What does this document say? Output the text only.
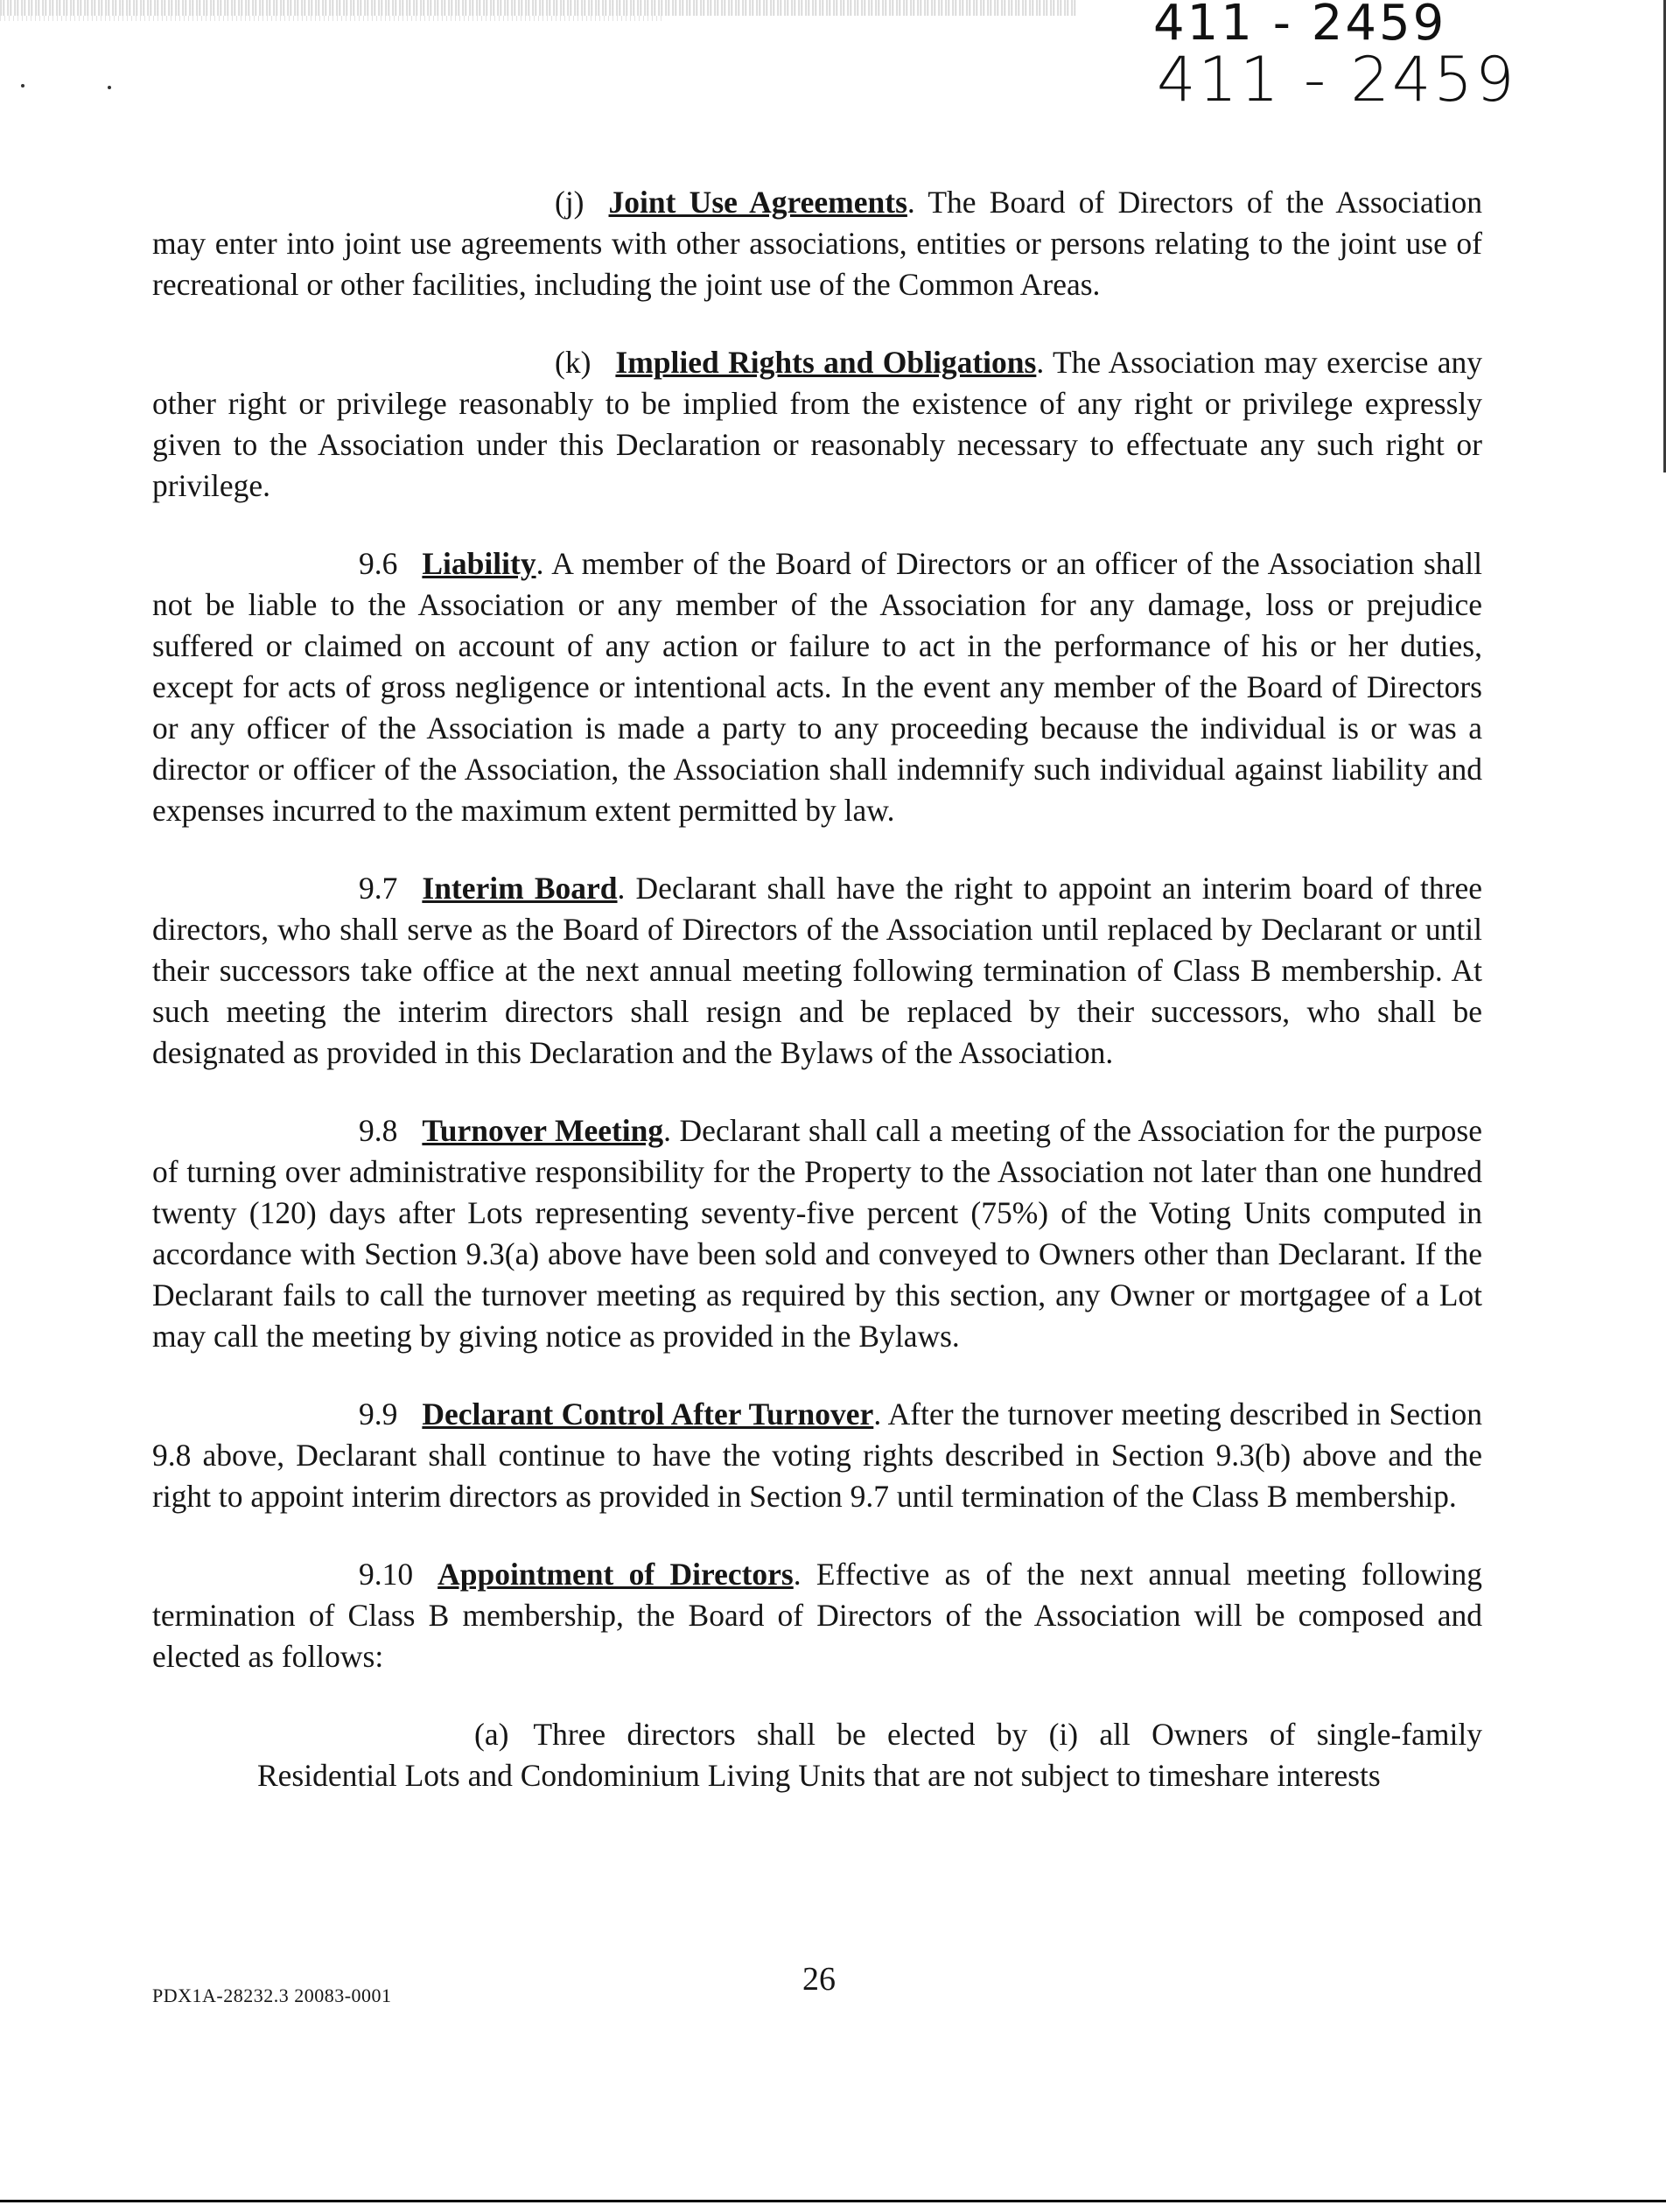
411 - 2459
411 - 2459

(j) Joint Use Agreements. The Board of Directors of the Association may enter into joint use agreements with other associations, entities or persons relating to the joint use of recreational or other facilities, including the joint use of the Common Areas.

(k) Implied Rights and Obligations. The Association may exercise any other right or privilege reasonably to be implied from the existence of any right or privilege expressly given to the Association under this Declaration or reasonably necessary to effectuate any such right or privilege.

9.6 Liability. A member of the Board of Directors or an officer of the Association shall not be liable to the Association or any member of the Association for any damage, loss or prejudice suffered or claimed on account of any action or failure to act in the performance of his or her duties, except for acts of gross negligence or intentional acts. In the event any member of the Board of Directors or any officer of the Association is made a party to any proceeding because the individual is or was a director or officer of the Association, the Association shall indemnify such individual against liability and expenses incurred to the maximum extent permitted by law.

9.7 Interim Board. Declarant shall have the right to appoint an interim board of three directors, who shall serve as the Board of Directors of the Association until replaced by Declarant or until their successors take office at the next annual meeting following termination of Class B membership. At such meeting the interim directors shall resign and be replaced by their successors, who shall be designated as provided in this Declaration and the Bylaws of the Association.

9.8 Turnover Meeting. Declarant shall call a meeting of the Association for the purpose of turning over administrative responsibility for the Property to the Association not later than one hundred twenty (120) days after Lots representing seventy-five percent (75%) of the Voting Units computed in accordance with Section 9.3(a) above have been sold and conveyed to Owners other than Declarant. If the Declarant fails to call the turnover meeting as required by this section, any Owner or mortgagee of a Lot may call the meeting by giving notice as provided in the Bylaws.

9.9 Declarant Control After Turnover. After the turnover meeting described in Section 9.8 above, Declarant shall continue to have the voting rights described in Section 9.3(b) above and the right to appoint interim directors as provided in Section 9.7 until termination of the Class B membership.

9.10 Appointment of Directors. Effective as of the next annual meeting following termination of Class B membership, the Board of Directors of the Association will be composed and elected as follows:

(a) Three directors shall be elected by (i) all Owners of single-family Residential Lots and Condominium Living Units that are not subject to timeshare interests

PDX1A-28232.3 20083-0001	26
